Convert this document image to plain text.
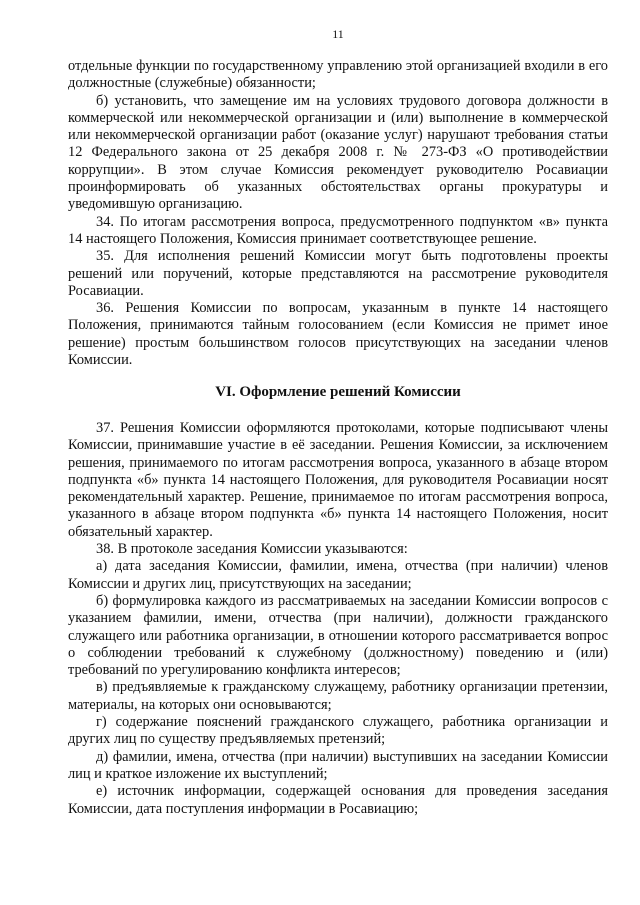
11

отдельные функции по государственному управлению этой организацией входили в его должностные (служебные) обязанности;

б) установить, что замещение им на условиях трудового договора должности в коммерческой или некоммерческой организации и (или) выполнение в коммерческой или некоммерческой организации работ (оказание услуг) нарушают требования статьи 12 Федерального закона от 25 декабря 2008 г. № 273-ФЗ «О противодействии коррупции». В этом случае Комиссия рекомендует руководителю Росавиации проинформировать об указанных обстоятельствах органы прокуратуры и уведомившую организацию.

34. По итогам рассмотрения вопроса, предусмотренного подпунктом «в» пункта 14 настоящего Положения, Комиссия принимает соответствующее решение.

35. Для исполнения решений Комиссии могут быть подготовлены проекты решений или поручений, которые представляются на рассмотрение руководителя Росавиации.

36. Решения Комиссии по вопросам, указанным в пункте 14 настоящего Положения, принимаются тайным голосованием (если Комиссия не примет иное решение) простым большинством голосов присутствующих на заседании членов Комиссии.

VI. Оформление решений Комиссии

37. Решения Комиссии оформляются протоколами, которые подписывают члены Комиссии, принимавшие участие в её заседании. Решения Комиссии, за исключением решения, принимаемого по итогам рассмотрения вопроса, указанного в абзаце втором подпункта «б» пункта 14 настоящего Положения, для руководителя Росавиации носят рекомендательный характер. Решение, принимаемое по итогам рассмотрения вопроса, указанного в абзаце втором подпункта «б» пункта 14 настоящего Положения, носит обязательный характер.

38. В протоколе заседания Комиссии указываются:

а) дата заседания Комиссии, фамилии, имена, отчества (при наличии) членов Комиссии и других лиц, присутствующих на заседании;

б) формулировка каждого из рассматриваемых на заседании Комиссии вопросов с указанием фамилии, имени, отчества (при наличии), должности гражданского служащего или работника организации, в отношении которого рассматривается вопрос о соблюдении требований к служебному (должностному) поведению и (или) требований по урегулированию конфликта интересов;

в) предъявляемые к гражданскому служащему, работнику организации претензии, материалы, на которых они основываются;

г) содержание пояснений гражданского служащего, работника организации и других лиц по существу предъявляемых претензий;

д) фамилии, имена, отчества (при наличии) выступивших на заседании Комиссии лиц и краткое изложение их выступлений;

е) источник информации, содержащей основания для проведения заседания Комиссии, дата поступления информации в Росавиацию;
